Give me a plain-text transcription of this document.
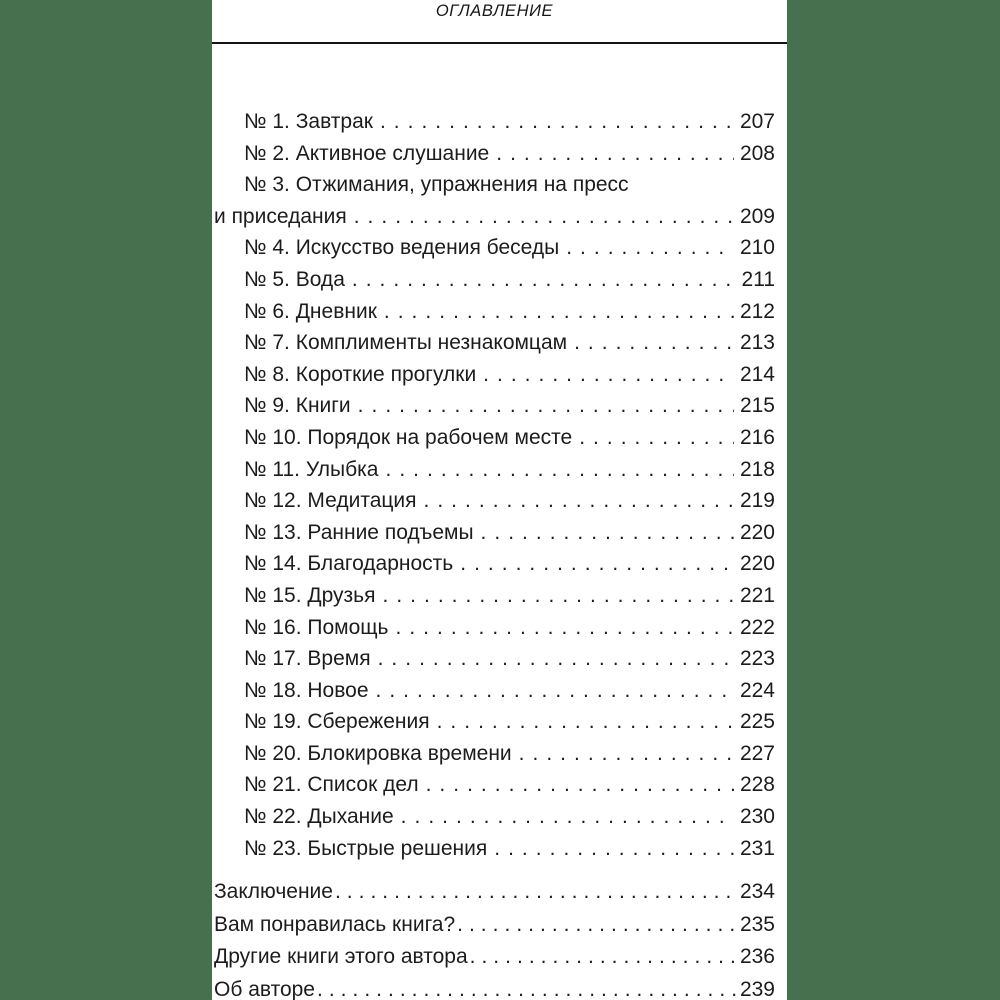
ОГЛАВЛЕНИЕ
№ 1. Завтрак .....	207
№ 2. Активное слушание .....	208
№ 3. Отжимания, упражнения на пресс
и приседания .....	209
№ 4. Искусство ведения беседы .....	210
№ 5. Вода .....	211
№ 6. Дневник .....	212
№ 7. Комплименты незнакомцам .....	213
№ 8. Короткие прогулки .....	214
№ 9. Книги .....	215
№ 10. Порядок на рабочем месте .....	216
№ 11. Улыбка .....	218
№ 12. Медитация .....	219
№ 13. Ранние подъемы .....	220
№ 14. Благодарность .....	220
№ 15. Друзья .....	221
№ 16. Помощь .....	222
№ 17. Время .....	223
№ 18. Новое .....	224
№ 19. Сбережения .....	225
№ 20. Блокировка времени .....	227
№ 21. Список дел .....	228
№ 22. Дыхание .....	230
№ 23. Быстрые решения .....	231
Заключение .....	234
Вам понравилась книга? .....	235
Другие книги этого автора .....	236
Об авторе .....	239
